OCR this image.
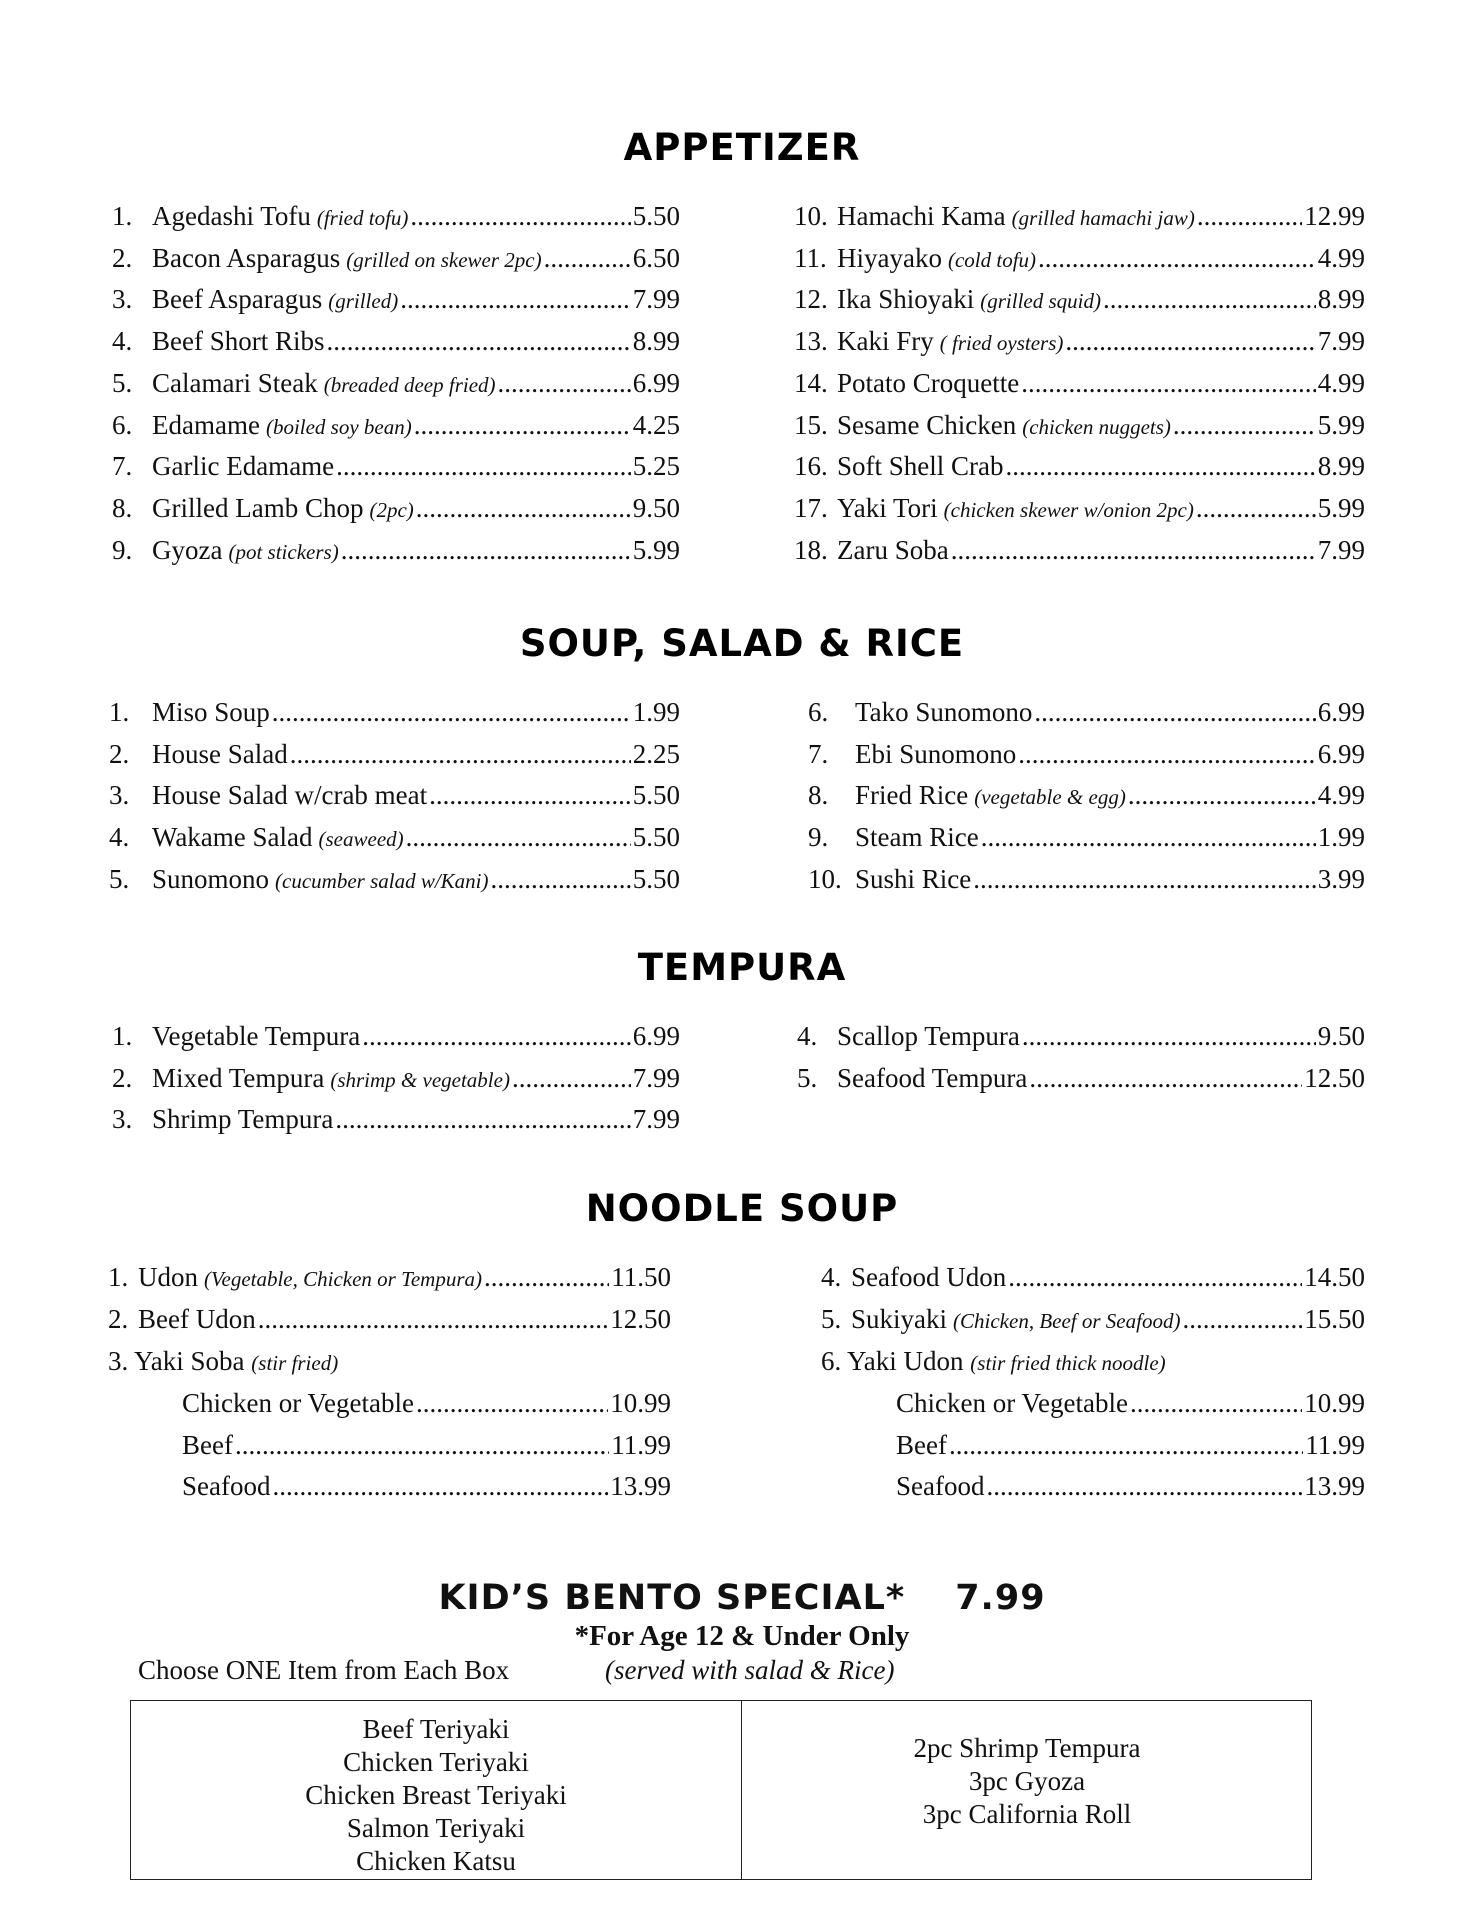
APPETIZER
1. Agedashi Tofu (fried tofu) .....	5.50
2. Bacon Asparagus (grilled on skewer 2pc) .....	6.50
3. Beef Asparagus (grilled) .....	7.99
4. Beef Short Ribs .....	8.99
5. Calamari Steak (breaded deep fried) .....	6.99
6. Edamame (boiled soy bean) .....	4.25
7. Garlic Edamame .....	5.25
8. Grilled Lamb Chop (2pc) .....	9.50
9. Gyoza (pot stickers) .....	5.99
10. Hamachi Kama (grilled hamachi jaw) .....	12.99
11. Hiyayako (cold tofu) .....	4.99
12. Ika Shioyaki (grilled squid) .....	8.99
13. Kaki Fry ( fried oysters) .....	7.99
14. Potato Croquette .....	4.99
15. Sesame Chicken (chicken nuggets) .....	5.99
16. Soft Shell Crab .....	8.99
17. Yaki Tori (chicken skewer w/onion 2pc) .....	5.99
18. Zaru Soba .....	7.99
SOUP, SALAD & RICE
1. Miso Soup .....	1.99
2. House Salad .....	2.25
3. House Salad w/crab meat .....	5.50
4. Wakame Salad (seaweed) .....	5.50
5. Sunomono (cucumber salad w/Kani) .....	5.50
6. Tako Sunomono .....	6.99
7. Ebi Sunomono .....	6.99
8. Fried Rice (vegetable & egg) .....	4.99
9. Steam Rice .....	1.99
10. Sushi Rice .....	3.99
TEMPURA
1. Vegetable Tempura .....	6.99
2. Mixed Tempura (shrimp & vegetable) .....	7.99
3. Shrimp Tempura .....	7.99
4. Scallop Tempura .....	9.50
5. Seafood Tempura .....	12.50
NOODLE SOUP
1. Udon (Vegetable, Chicken or Tempura) .....	11.50
2. Beef Udon .....	12.50
3. Yaki Soba (stir fried)
Chicken or Vegetable .....	10.99
Beef .....	11.99
Seafood .....	13.99
4. Seafood Udon .....	14.50
5. Sukiyaki (Chicken, Beef or Seafood) .....	15.50
6. Yaki Udon (stir fried thick noodle)
Chicken or Vegetable .....	10.99
Beef .....	11.99
Seafood .....	13.99
KID’S BENTO SPECIAL* 7.99
*For Age 12 & Under Only
Choose ONE Item from Each Box	(served with salad & Rice)
Beef Teriyaki
Chicken Teriyaki
Chicken Breast Teriyaki
Salmon Teriyaki
Chicken Katsu
2pc Shrimp Tempura
3pc Gyoza
3pc California Roll
